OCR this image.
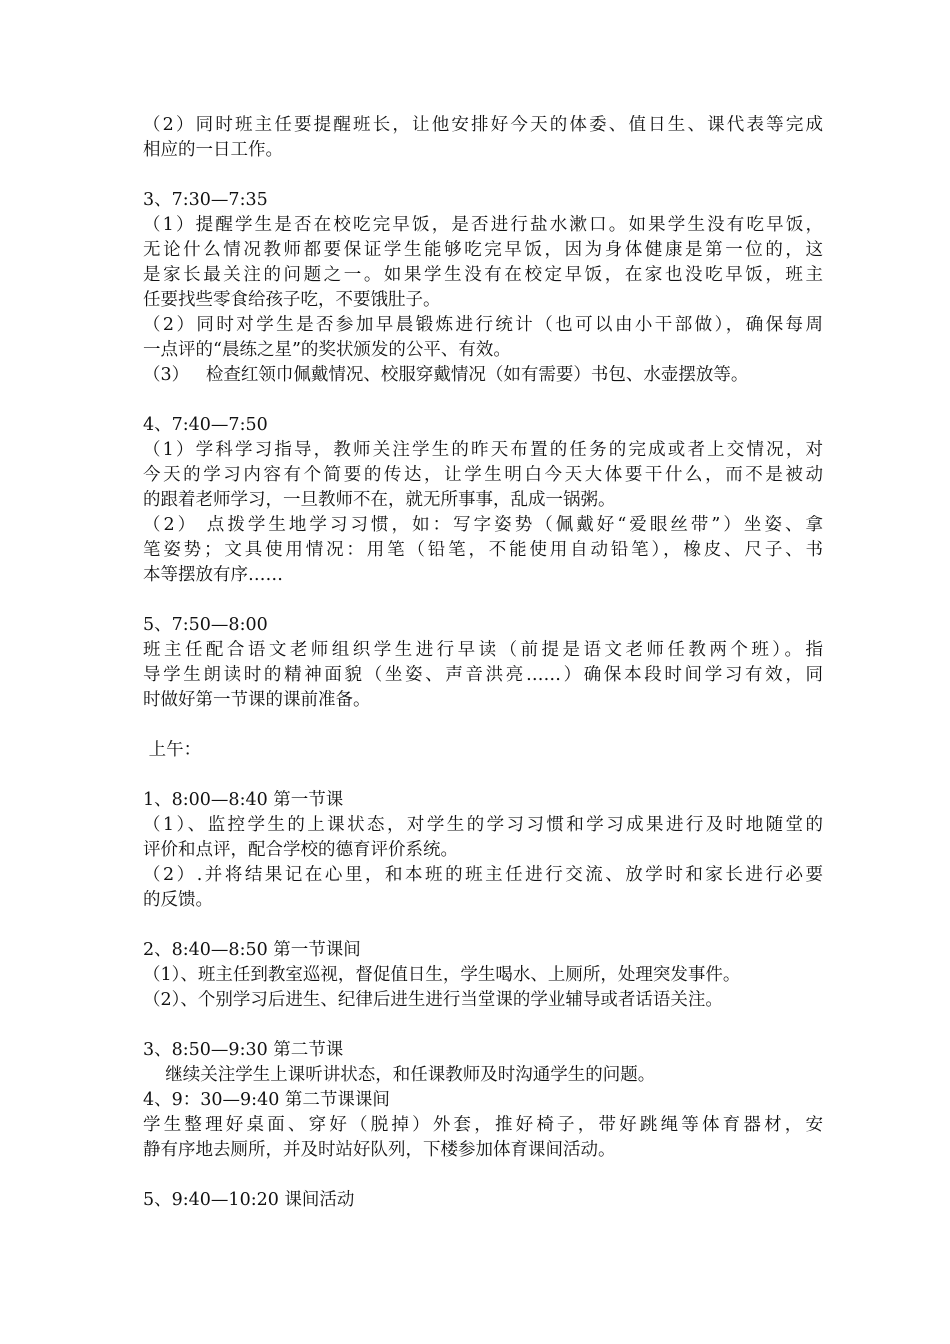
（2）同时班主任要提醒班长，让他安排好今天的体委、值日生、课代表等完成
相应的一日工作。
3、7:30—7:35
（1）提醒学生是否在校吃完早饭，是否进行盐水漱口。如果学生没有吃早饭，
无论什么情况教师都要保证学生能够吃完早饭，因为身体健康是第一位的，这
是家长最关注的问题之一。如果学生没有在校定早饭，在家也没吃早饭，班主
任要找些零食给孩子吃，不要饿肚子。
（2）同时对学生是否参加早晨锻炼进行统计（也可以由小干部做），确保每周
一点评的“晨练之星”的奖状颁发的公平、有效。
（3）   检查红领巾佩戴情况、校服穿戴情况（如有需要）书包、水壶摆放等。
4、7:40—7:50
（1）学科学习指导，教师关注学生的昨天布置的任务的完成或者上交情况，对
今天的学习内容有个简要的传达，让学生明白今天大体要干什么，而不是被动
的跟着老师学习，一旦教师不在，就无所事事，乱成一锅粥。
（2） 点拨学生地学习习惯，如：写字姿势（佩戴好“爱眼丝带”）坐姿、拿
笔姿势；文具使用情况：用笔（铅笔，不能使用自动铅笔），橡皮、尺子、书
本等摆放有序……
5、7:50—8:00
班主任配合语文老师组织学生进行早读（前提是语文老师任教两个班）。指
导学生朗读时的精神面貌（坐姿、声音洪亮……）确保本段时间学习有效，同
时做好第一节课的课前准备。
上午：
1、8:00—8:40 第一节课
（1）、监控学生的上课状态，对学生的学习习惯和学习成果进行及时地随堂的
评价和点评，配合学校的德育评价系统。
（2）.并将结果记在心里，和本班的班主任进行交流、放学时和家长进行必要
的反馈。
2、8:40—8:50 第一节课间
（1）、班主任到教室巡视，督促值日生，学生喝水、上厕所，处理突发事件。
（2）、个别学习后进生、纪律后进生进行当堂课的学业辅导或者话语关注。
3、8:50—9:30 第二节课
继续关注学生上课听讲状态，和任课教师及时沟通学生的问题。
4、9：30—9:40 第二节课课间
学生整理好桌面、穿好（脱掉）外套，推好椅子，带好跳绳等体育器材，安
静有序地去厕所，并及时站好队列，下楼参加体育课间活动。
5、9:40—10:20 课间活动
